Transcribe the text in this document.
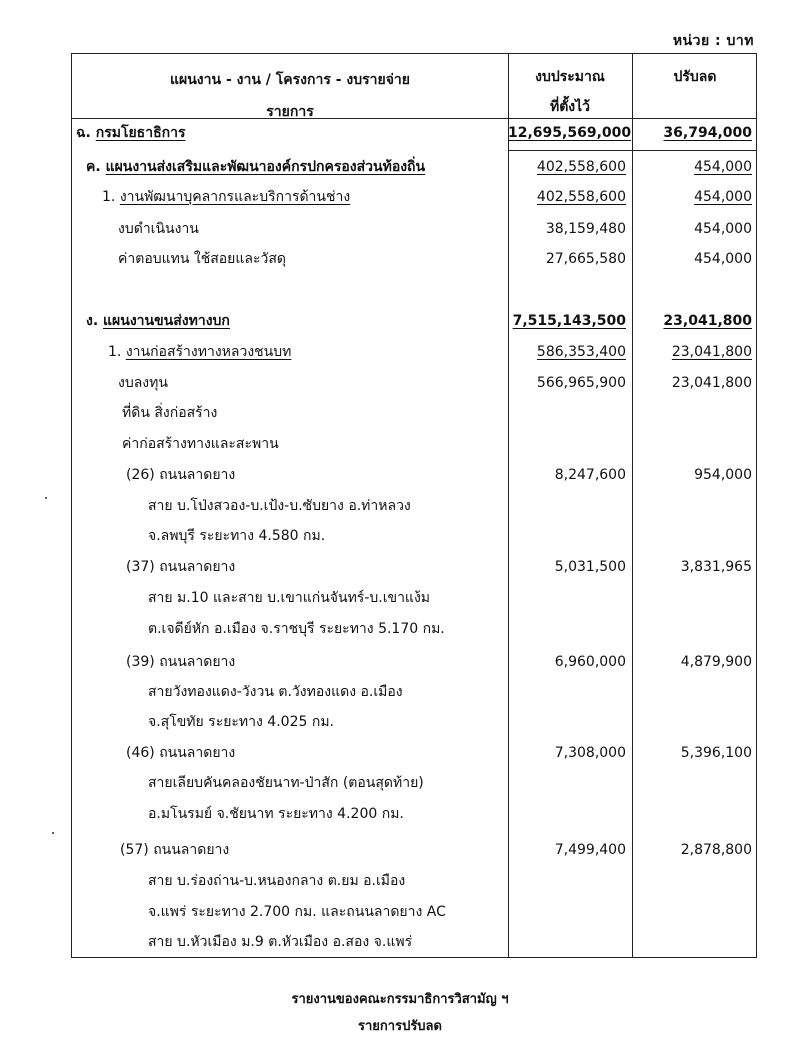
หน่วย : บาท
แผนงาน - งาน / โครงการ - งบรายจ่าย
รายการ
งบประมาณ
ที่ตั้งไว้
ปรับลด
ฉ. กรมโยธาธิการ	12,695,569,000	36,794,000
ค. แผนงานส่งเสริมและพัฒนาองค์กรปกครองส่วนท้องถิ่น	402,558,600	454,000
1. งานพัฒนาบุคลากรและบริการด้านช่าง	402,558,600	454,000
งบดำเนินงาน	38,159,480	454,000
ค่าตอบแทน ใช้สอยและวัสดุ	27,665,580	454,000
ง. แผนงานขนส่งทางบก	7,515,143,500	23,041,800
1. งานก่อสร้างทางหลวงชนบท	586,353,400	23,041,800
งบลงทุน	566,965,900	23,041,800
ที่ดิน สิ่งก่อสร้าง
ค่าก่อสร้างทางและสะพาน
(26) ถนนลาดยาง	8,247,600	954,000
สาย บ.โป่งสวอง-บ.เป้ง-บ.ซับยาง อ.ท่าหลวง
จ.ลพบุรี ระยะทาง 4.580 กม.
(37) ถนนลาดยาง	5,031,500	3,831,965
สาย ม.10 และสาย บ.เขาแก่นจันทร์-บ.เขาแง้ม
ต.เจดีย์หัก อ.เมือง จ.ราชบุรี ระยะทาง 5.170 กม.
(39) ถนนลาดยาง	6,960,000	4,879,900
สายวังทองแดง-วังวน ต.วังทองแดง อ.เมือง
จ.สุโขทัย ระยะทาง 4.025 กม.
(46) ถนนลาดยาง	7,308,000	5,396,100
สายเลียบคันคลองชัยนาท-ป่าสัก (ตอนสุดท้าย)
อ.มโนรมย์ จ.ชัยนาท ระยะทาง 4.200 กม.
(57) ถนนลาดยาง	7,499,400	2,878,800
สาย บ.ร่องถ่าน-บ.หนองกลาง ต.ยม อ.เมือง
จ.แพร่ ระยะทาง 2.700 กม. และถนนลาดยาง AC
สาย บ.หัวเมือง ม.9 ต.หัวเมือง อ.สอง จ.แพร่
รายงานของคณะกรรมาธิการวิสามัญ ฯ
รายการปรับลด
